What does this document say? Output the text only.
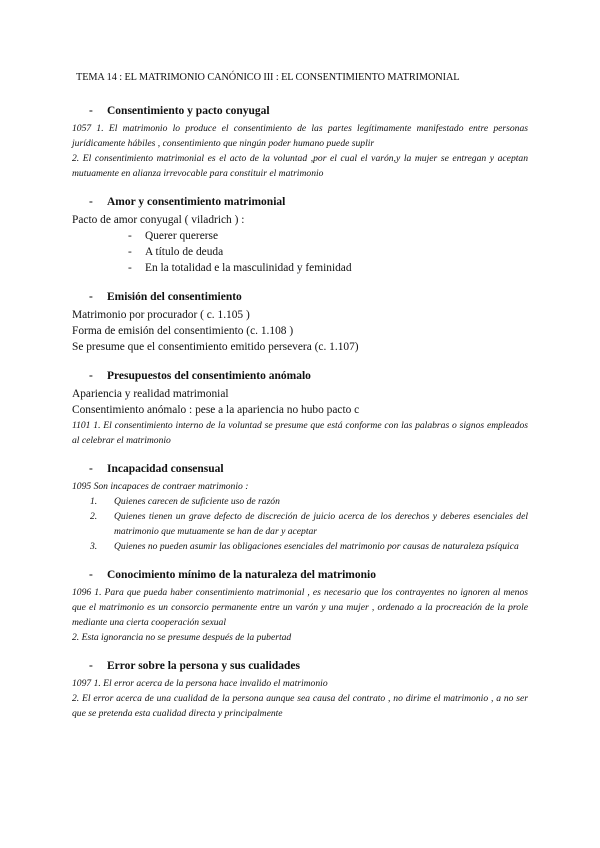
TEMA 14 : EL MATRIMONIO CANÓNICO III : EL CONSENTIMIENTO MATRIMONIAL
-	Consentimiento y pacto conyugal

1057 1. El matrimonio lo produce el consentimiento de las partes legítimamente manifestado entre personas jurídicamente hábiles , consentimiento que ningún poder humano puede suplir

2. El consentimiento matrimonial es el acto de la voluntad ,por el cual el varón,y la mujer se entregan y aceptan mutuamente en alianza irrevocable para constituir el matrimonio

-	Amor y consentimiento matrimonial

Pacto de amor conyugal ( viladrich ) :

-	Querer quererse
-	A título de deuda
-	En la totalidad e la masculinidad y feminidad
-	Emisión del consentimiento

Matrimonio por procurador ( c. 1.105 )

Forma de emisión del consentimiento (c. 1.108 )

Se presume que el consentimiento emitido persevera (c. 1.107)

-	Presupuestos del consentimiento anómalo

Apariencia y realidad matrimonial

Consentimiento anómalo : pese a la apariencia no hubo pacto c

1101 1. El consentimiento interno de la voluntad se presume que está conforme con las palabras o signos empleados al celebrar el matrimonio

-	Incapacidad consensual

1095 Son incapaces de contraer matrimonio :

1.	Quienes carecen de suficiente uso de razón
2.	Quienes tienen un grave defecto de discreción de juicio acerca de los derechos y deberes esenciales del matrimonio que mutuamente se han de dar y aceptar
3.	Quienes no pueden asumir las obligaciones esenciales del matrimonio por causas de naturaleza psíquica
-	Conocimiento mínimo de la naturaleza del matrimonio

1096 1. Para que pueda haber consentimiento matrimonial , es necesario que los contrayentes no ignoren al menos que el matrimonio es un consorcio permanente entre un varón y una mujer , ordenado a la procreación de la prole mediante una cierta cooperación sexual

2. Esta ignorancia no se presume después de la pubertad

-	Error sobre la persona y sus cualidades

1097 1. El error acerca de la persona hace invalido el matrimonio

2. El error acerca de una cualidad de la persona aunque sea causa del contrato , no dirime el matrimonio , a no ser que se pretenda esta cualidad directa y principalmente
